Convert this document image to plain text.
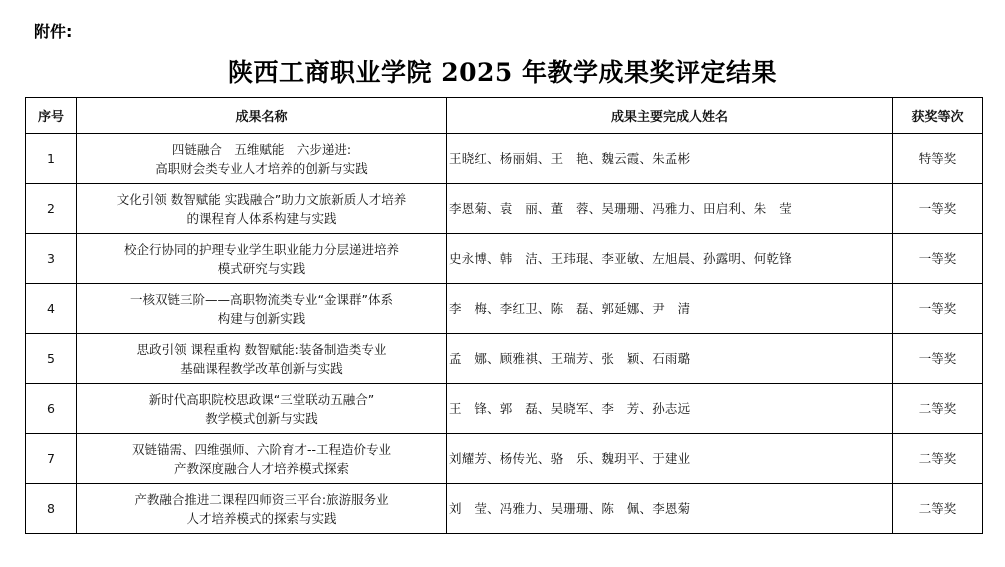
附件:
陕西工商职业学院 2025 年教学成果奖评定结果
序号	成果名称	成果主要完成人姓名	获奖等次
1	四链融合　五维赋能　六步递进:
高职财会类专业人才培养的创新与实践	王晓红、杨丽娟、王　艳、魏云霞、朱孟彬	特等奖
2	文化引领 数智赋能 实践融合”助力文旅新质人才培养
的课程育人体系构建与实践	李恩菊、袁　丽、董　蓉、吴珊珊、冯雅力、田启利、朱　莹	一等奖
3	校企行协同的护理专业学生职业能力分层递进培养
模式研究与实践	史永博、韩　洁、王玮琨、李亚敏、左旭晨、孙露明、何乾锋	一等奖
4	一核双链三阶——高职物流类专业“金课群”体系
构建与创新实践	李　梅、李红卫、陈　磊、郭延娜、尹　清	一等奖
5	思政引领 课程重构 数智赋能:装备制造类专业
基础课程教学改革创新与实践	孟　娜、顾雅祺、王瑞芳、张　颖、石雨璐	一等奖
6	新时代高职院校思政课“三堂联动五融合”
教学模式创新与实践	王　锋、郭　磊、吴晓军、李　芳、孙志远	二等奖
7	双链锚需、四维强师、六阶育才--工程造价专业
产教深度融合人才培养模式探索	刘耀芳、杨传光、骆　乐、魏玥平、于建业	二等奖
8	产教融合推进二课程四师资三平台:旅游服务业
人才培养模式的探索与实践	刘　莹、冯雅力、吴珊珊、陈　佩、李恩菊	二等奖
